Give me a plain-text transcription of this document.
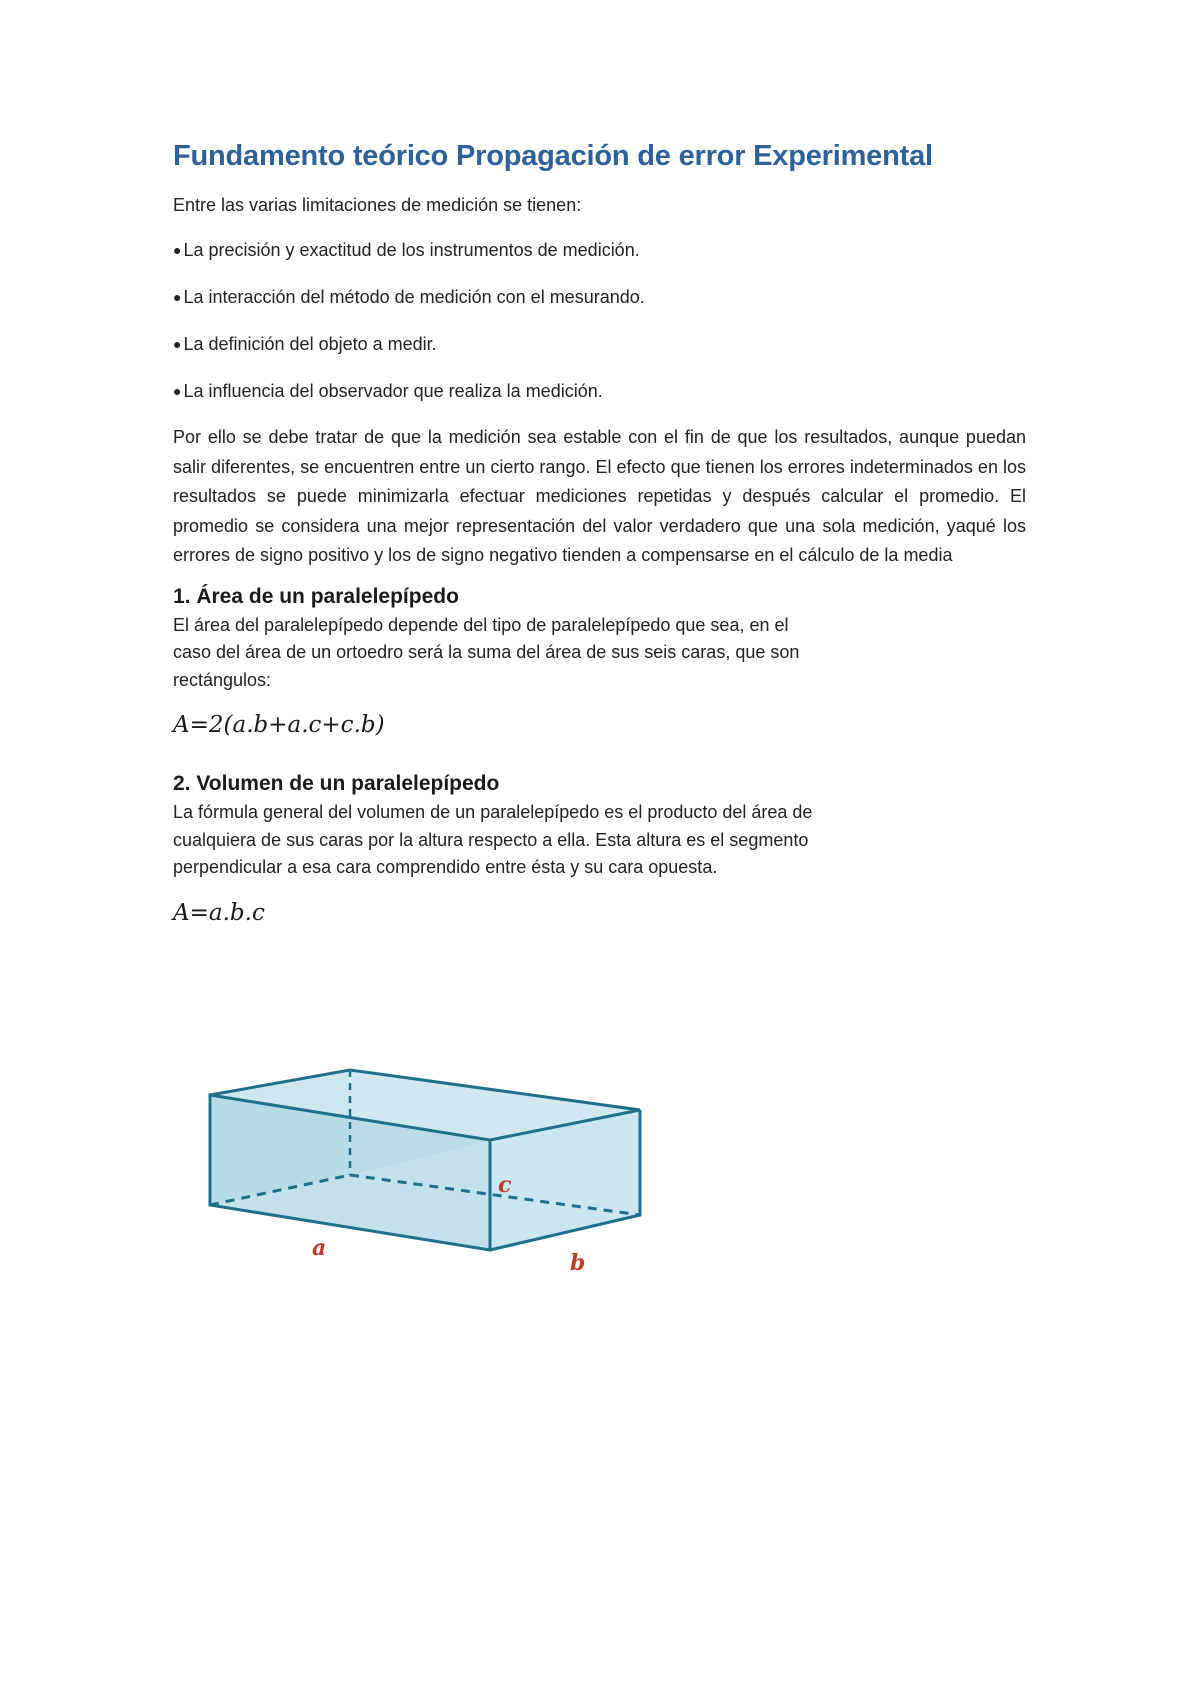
Fundamento teórico Propagación de error Experimental

Entre las varias limitaciones de medición se tienen:

● La precisión y exactitud de los instrumentos de medición.
● La interacción del método de medición con el mesurando.
● La definición del objeto a medir.
● La influencia del observador que realiza la medición.

Por ello se debe tratar de que la medición sea estable con el fin de que los resultados, aunque puedan salir diferentes, se encuentren entre un cierto rango. El efecto que tienen los errores indeterminados en los resultados se puede minimizarla efectuar mediciones repetidas y después calcular el promedio. El promedio se considera una mejor representación del valor verdadero que una sola medición, yaqué los errores de signo positivo y los de signo negativo tienden a compensarse en el cálculo de la media

1. Área de un paralelepípedo

El área del paralelepípedo depende del tipo de paralelepípedo que sea, en el caso del área de un ortoedro será la suma del área de sus seis caras, que son rectángulos:

A=2(a.b+a.c+c.b)
2. Volumen de un paralelepípedo

La fórmula general del volumen de un paralelepípedo es el producto del área de cualquiera de sus caras por la altura respecto a ella. Esta altura es el segmento perpendicular a esa cara comprendido entre ésta y su cara opuesta.

A=a.b.c
a
b
c
